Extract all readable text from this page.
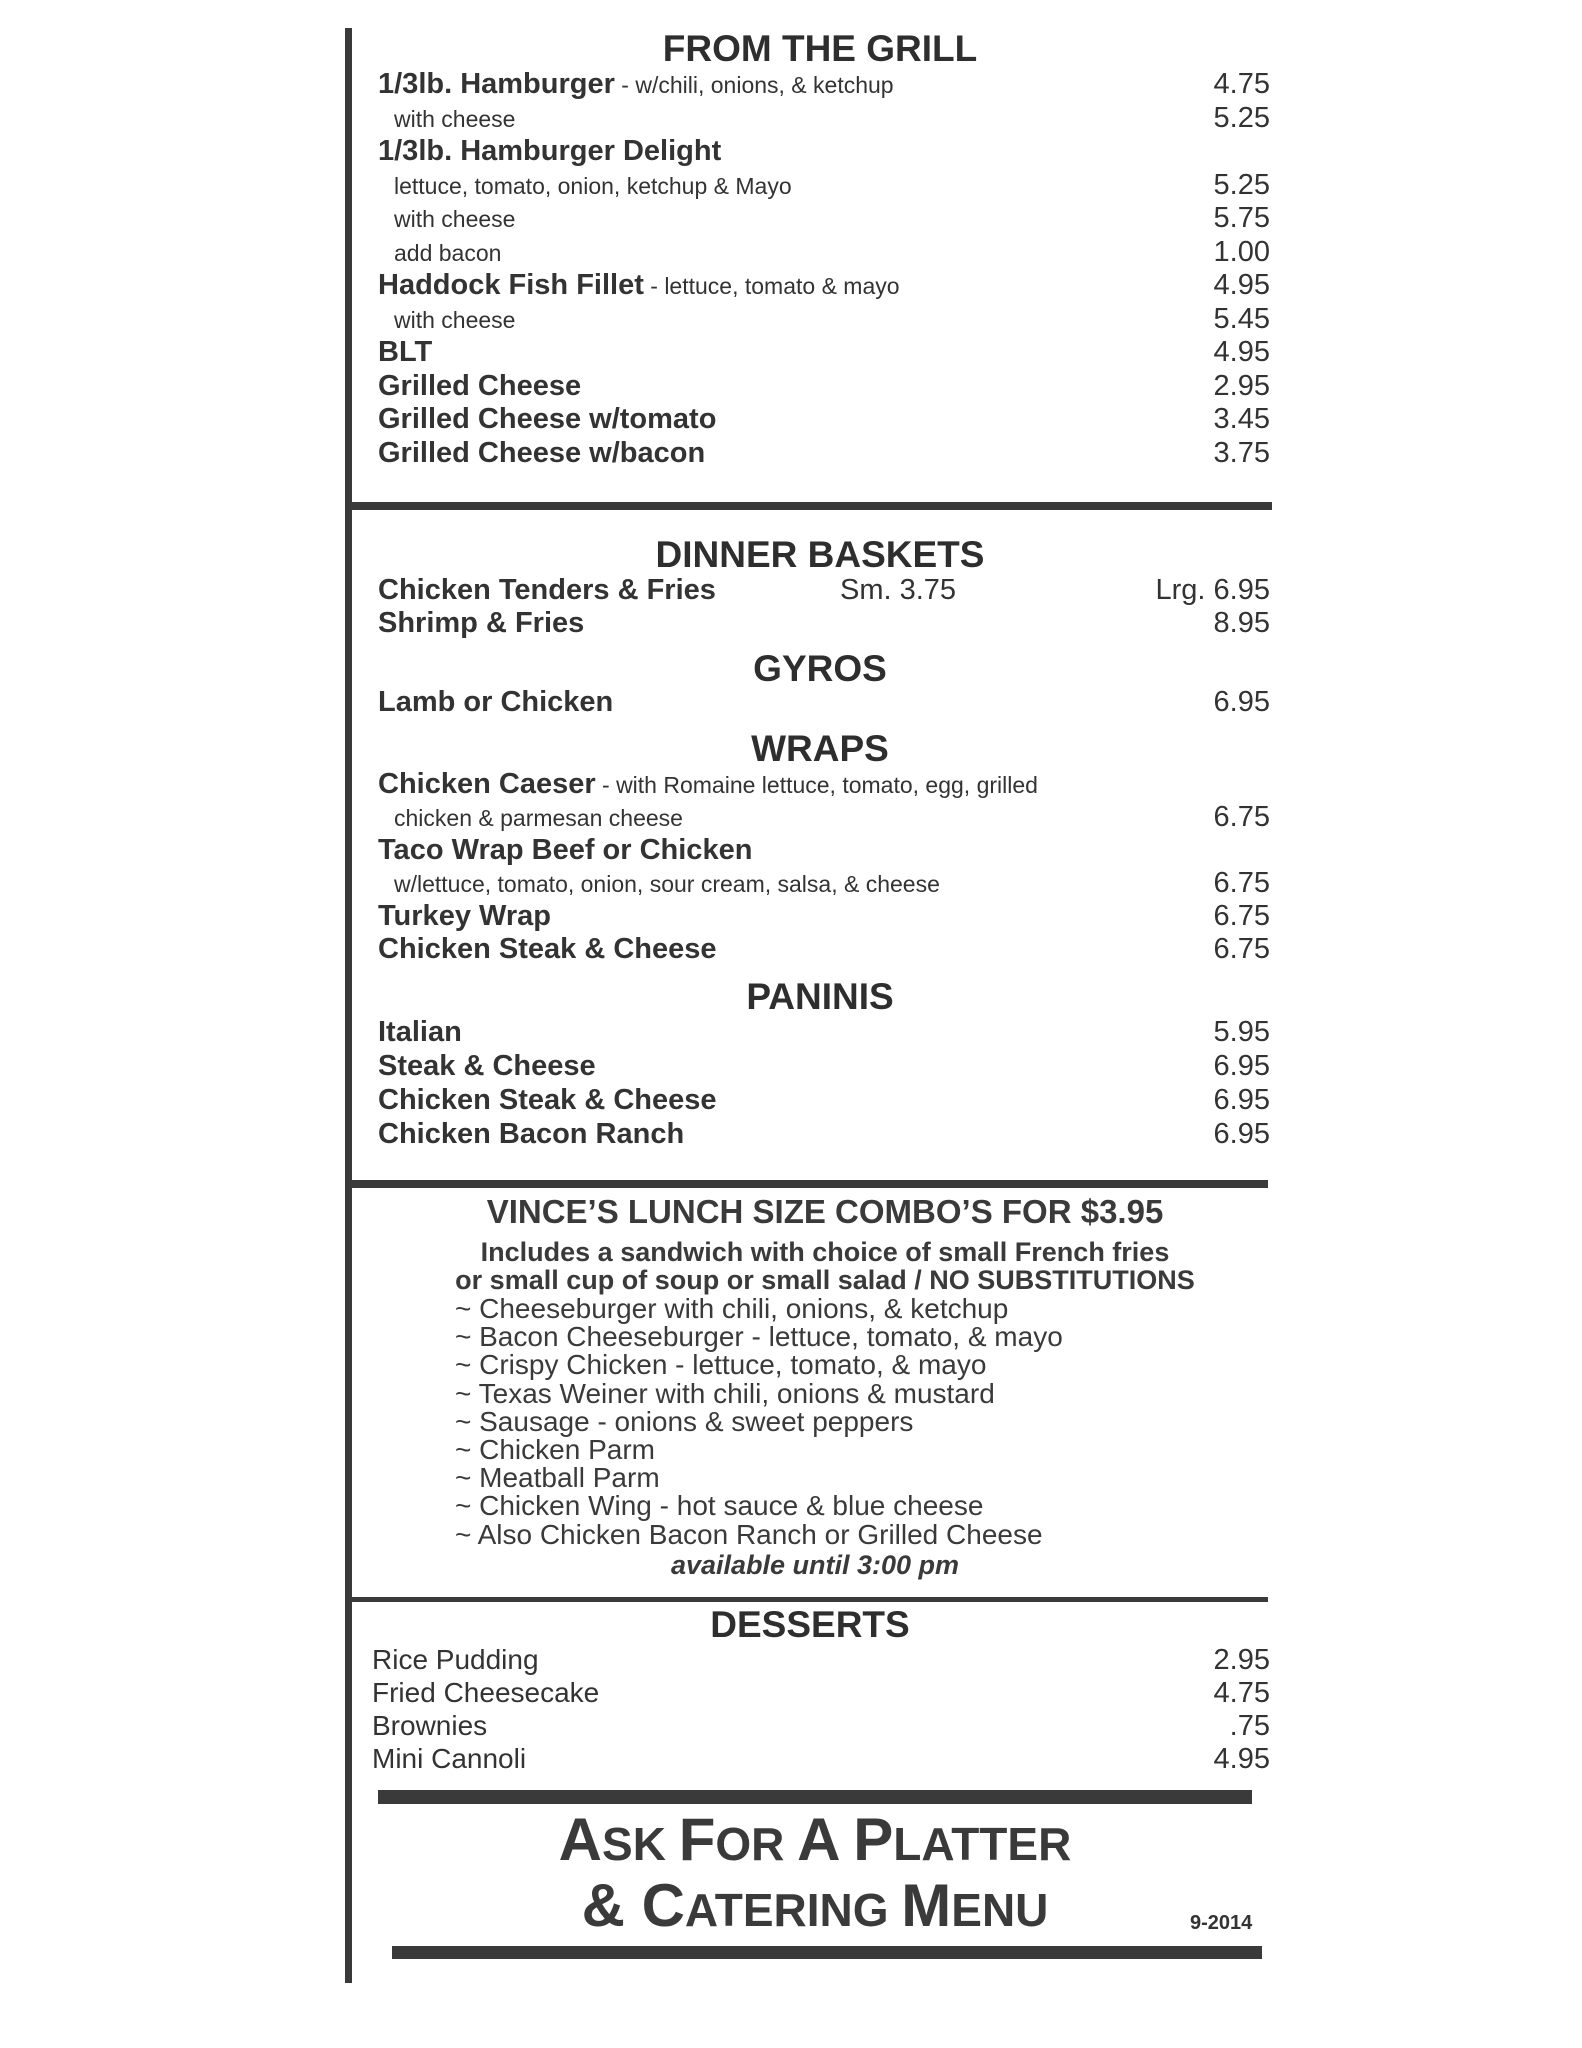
FROM THE GRILL
1/3lb. Hamburger - w/chili, onions, & ketchup	4.75
with cheese	5.25
1/3lb. Hamburger Delight
lettuce, tomato, onion, ketchup & Mayo	5.25
with cheese	5.75
add bacon	1.00
Haddock Fish Fillet - lettuce, tomato & mayo	4.95
with cheese	5.45
BLT	4.95
Grilled Cheese	2.95
Grilled Cheese w/tomato	3.45
Grilled Cheese w/bacon	3.75
DINNER BASKETS
Chicken Tenders & Fries	Sm. 3.75	Lrg. 6.95
Shrimp & Fries	8.95
GYROS
Lamb or Chicken	6.95
WRAPS
Chicken Caeser - with Romaine lettuce, tomato, egg, grilled
chicken & parmesan cheese	6.75
Taco Wrap Beef or Chicken
w/lettuce, tomato, onion, sour cream, salsa, & cheese	6.75
Turkey Wrap	6.75
Chicken Steak & Cheese	6.75
PANINIS
Italian	5.95
Steak & Cheese	6.95
Chicken Steak & Cheese	6.95
Chicken Bacon Ranch	6.95
VINCE’S LUNCH SIZE COMBO’S FOR $3.95
Includes a sandwich with choice of small French fries
or small cup of soup or small salad / NO SUBSTITUTIONS
~ Cheeseburger with chili, onions, & ketchup
~ Bacon Cheeseburger - lettuce, tomato, & mayo
~ Crispy Chicken - lettuce, tomato, & mayo
~ Texas Weiner with chili, onions & mustard
~ Sausage - onions & sweet peppers
~ Chicken Parm
~ Meatball Parm
~ Chicken Wing - hot sauce & blue cheese
~ Also Chicken Bacon Ranch or Grilled Cheese
available until 3:00 pm
DESSERTS
Rice Pudding	2.95
Fried Cheesecake	4.75
Brownies	.75
Mini Cannoli	4.95
ASK FOR A PLATTER
& CATERING MENU	9-2014
